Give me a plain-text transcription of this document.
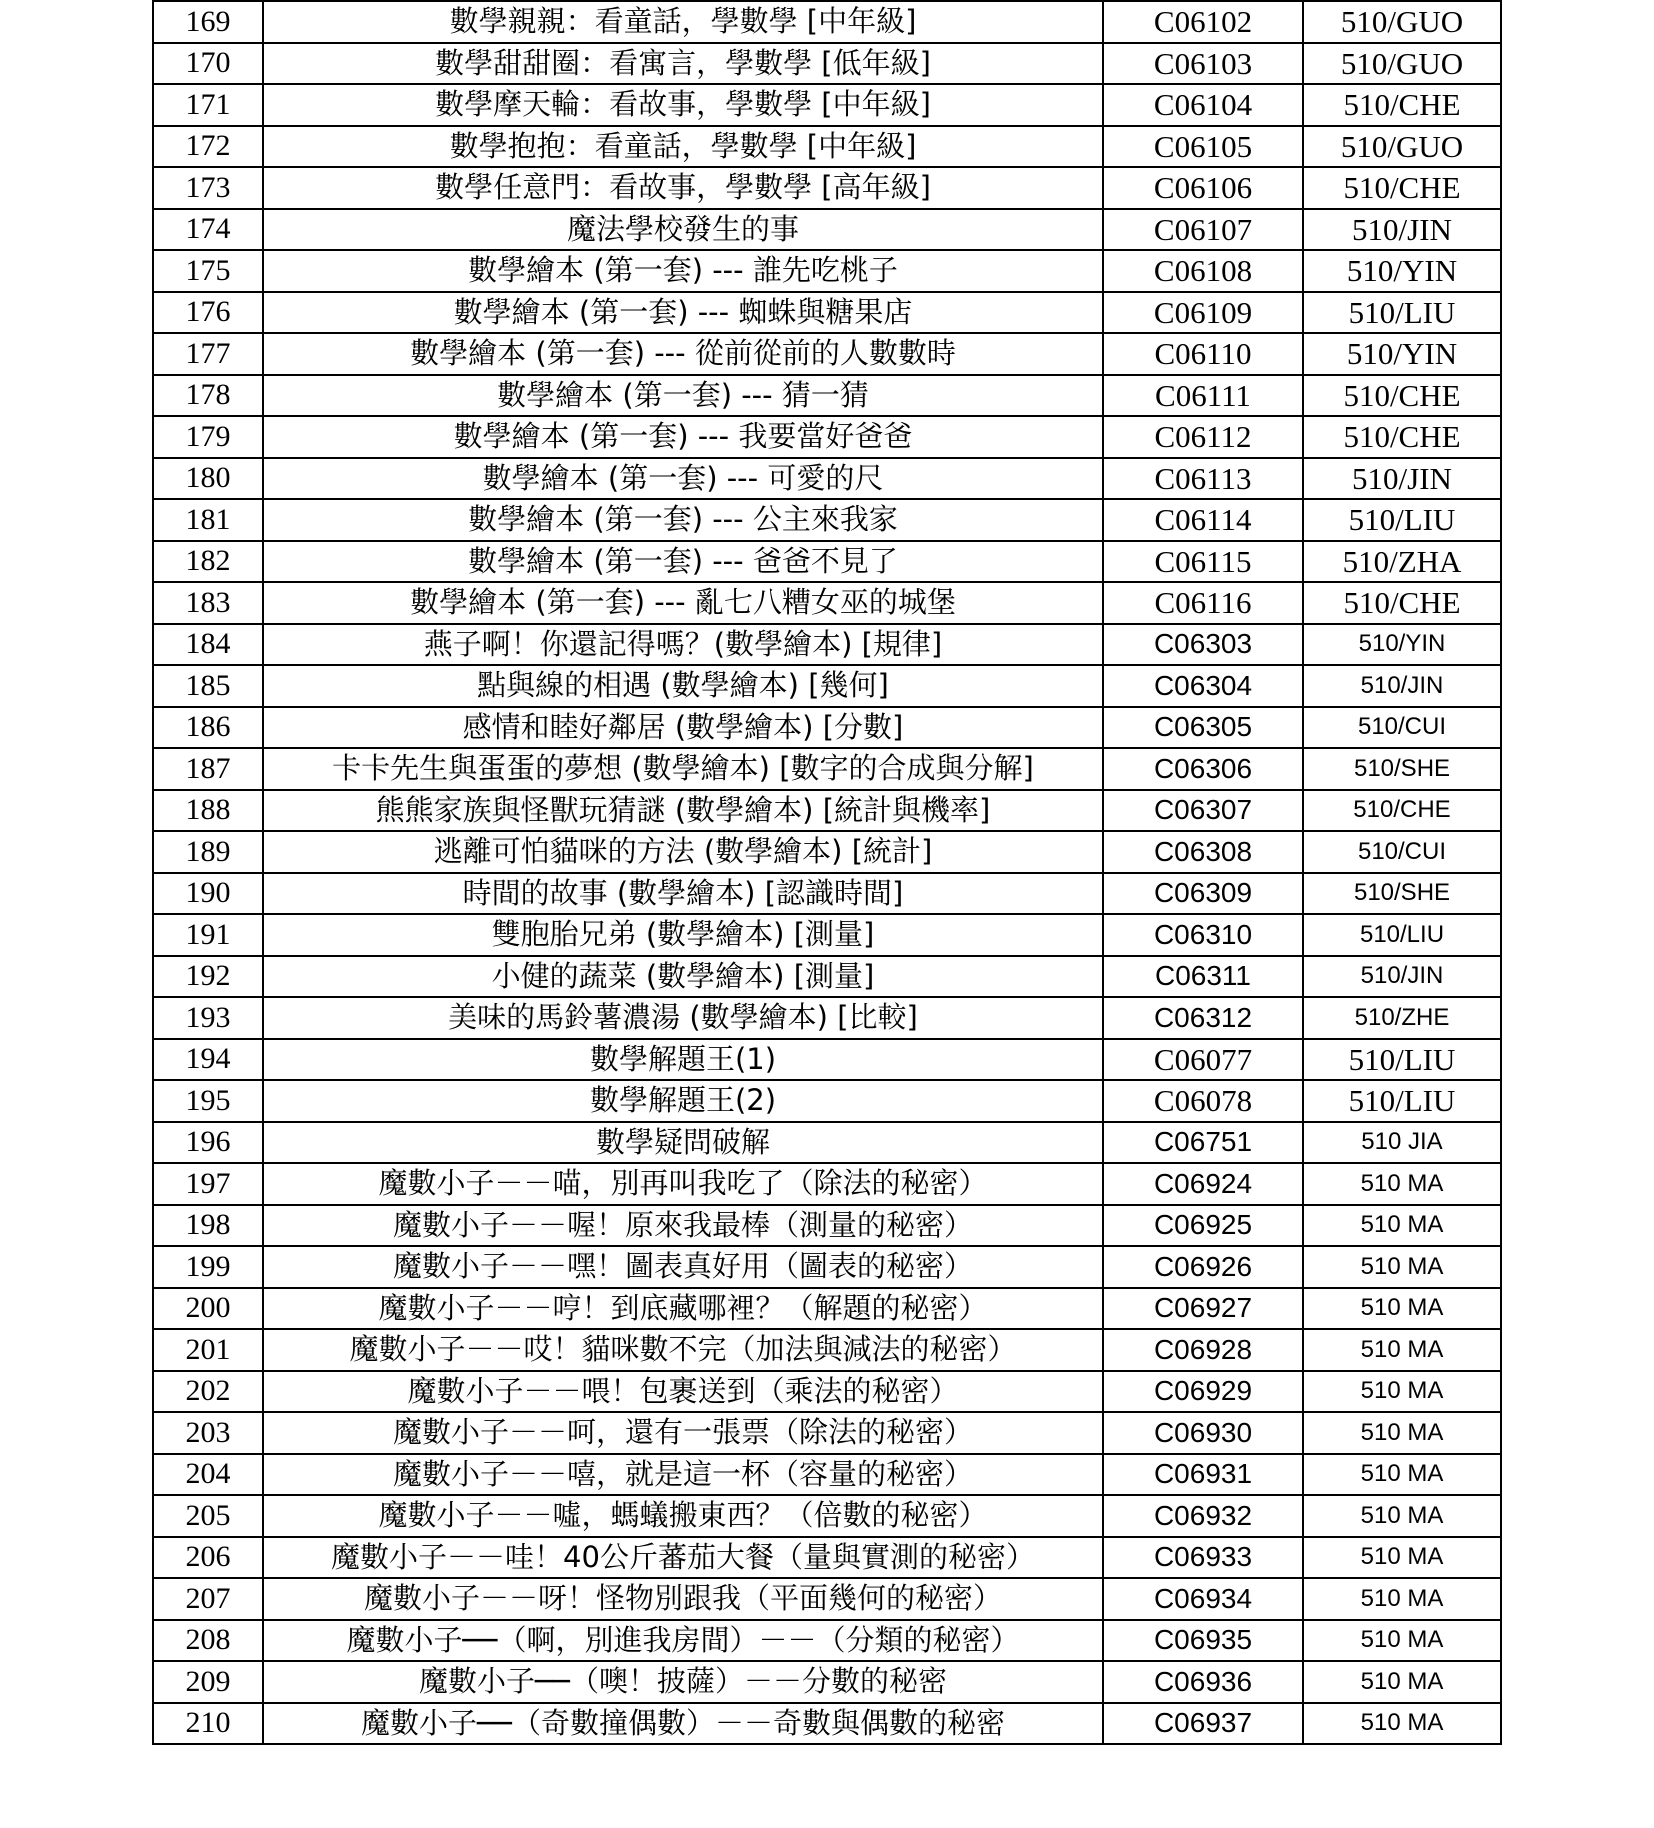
169	數學親親：看童話，學數學 [中年級]	C06102	510/GUO
170	數學甜甜圈：看寓言，學數學 [低年級]	C06103	510/GUO
171	數學摩天輪：看故事，學數學 [中年級]	C06104	510/CHE
172	數學抱抱：看童話，學數學 [中年級]	C06105	510/GUO
173	數學任意門：看故事，學數學 [高年級]	C06106	510/CHE
174	魔法學校發生的事	C06107	510/JIN
175	數學繪本 (第一套) --- 誰先吃桃子	C06108	510/YIN
176	數學繪本 (第一套) --- 蜘蛛與糖果店	C06109	510/LIU
177	數學繪本 (第一套) --- 從前從前的人數數時	C06110	510/YIN
178	數學繪本 (第一套) --- 猜一猜	C06111	510/CHE
179	數學繪本 (第一套) --- 我要當好爸爸	C06112	510/CHE
180	數學繪本 (第一套) --- 可愛的尺	C06113	510/JIN
181	數學繪本 (第一套) --- 公主來我家	C06114	510/LIU
182	數學繪本 (第一套) --- 爸爸不見了	C06115	510/ZHA
183	數學繪本 (第一套) --- 亂七八糟女巫的城堡	C06116	510/CHE
184	燕子啊！你還記得嗎？(數學繪本) [規律]	C06303	510/YIN
185	點與線的相遇 (數學繪本) [幾何]	C06304	510/JIN
186	感情和睦好鄰居 (數學繪本) [分數]	C06305	510/CUI
187	卡卡先生與蛋蛋的夢想 (數學繪本) [數字的合成與分解]	C06306	510/SHE
188	熊熊家族與怪獸玩猜謎 (數學繪本) [統計與機率]	C06307	510/CHE
189	逃離可怕貓咪的方法 (數學繪本) [統計]	C06308	510/CUI
190	時間的故事 (數學繪本) [認識時間]	C06309	510/SHE
191	雙胞胎兄弟 (數學繪本) [測量]	C06310	510/LIU
192	小健的蔬菜 (數學繪本) [測量]	C06311	510/JIN
193	美味的馬鈴薯濃湯 (數學繪本) [比較]	C06312	510/ZHE
194	數學解題王(1)	C06077	510/LIU
195	數學解題王(2)	C06078	510/LIU
196	數學疑問破解	C06751	510 JIA
197	魔數小子－－喵，別再叫我吃了（除法的秘密）	C06924	510 MA
198	魔數小子－－喔！原來我最棒（測量的秘密）	C06925	510 MA
199	魔數小子－－嘿！圖表真好用（圖表的秘密）	C06926	510 MA
200	魔數小子－－哼！到底藏哪裡？（解題的秘密）	C06927	510 MA
201	魔數小子－－哎！貓咪數不完（加法與減法的秘密）	C06928	510 MA
202	魔數小子－－喂！包裹送到（乘法的秘密）	C06929	510 MA
203	魔數小子－－呵，還有一張票（除法的秘密）	C06930	510 MA
204	魔數小子－－嘻，就是這一杯（容量的秘密）	C06931	510 MA
205	魔數小子－－噓，螞蟻搬東西？（倍數的秘密）	C06932	510 MA
206	魔數小子－－哇！40公斤蕃茄大餐（量與實測的秘密）	C06933	510 MA
207	魔數小子－－呀！怪物別跟我（平面幾何的秘密）	C06934	510 MA
208	魔數小子──（啊，別進我房間）－－（分類的秘密）	C06935	510 MA
209	魔數小子──（噢！披薩）－－分數的秘密	C06936	510 MA
210	魔數小子──（奇數撞偶數）－－奇數與偶數的秘密	C06937	510 MA
